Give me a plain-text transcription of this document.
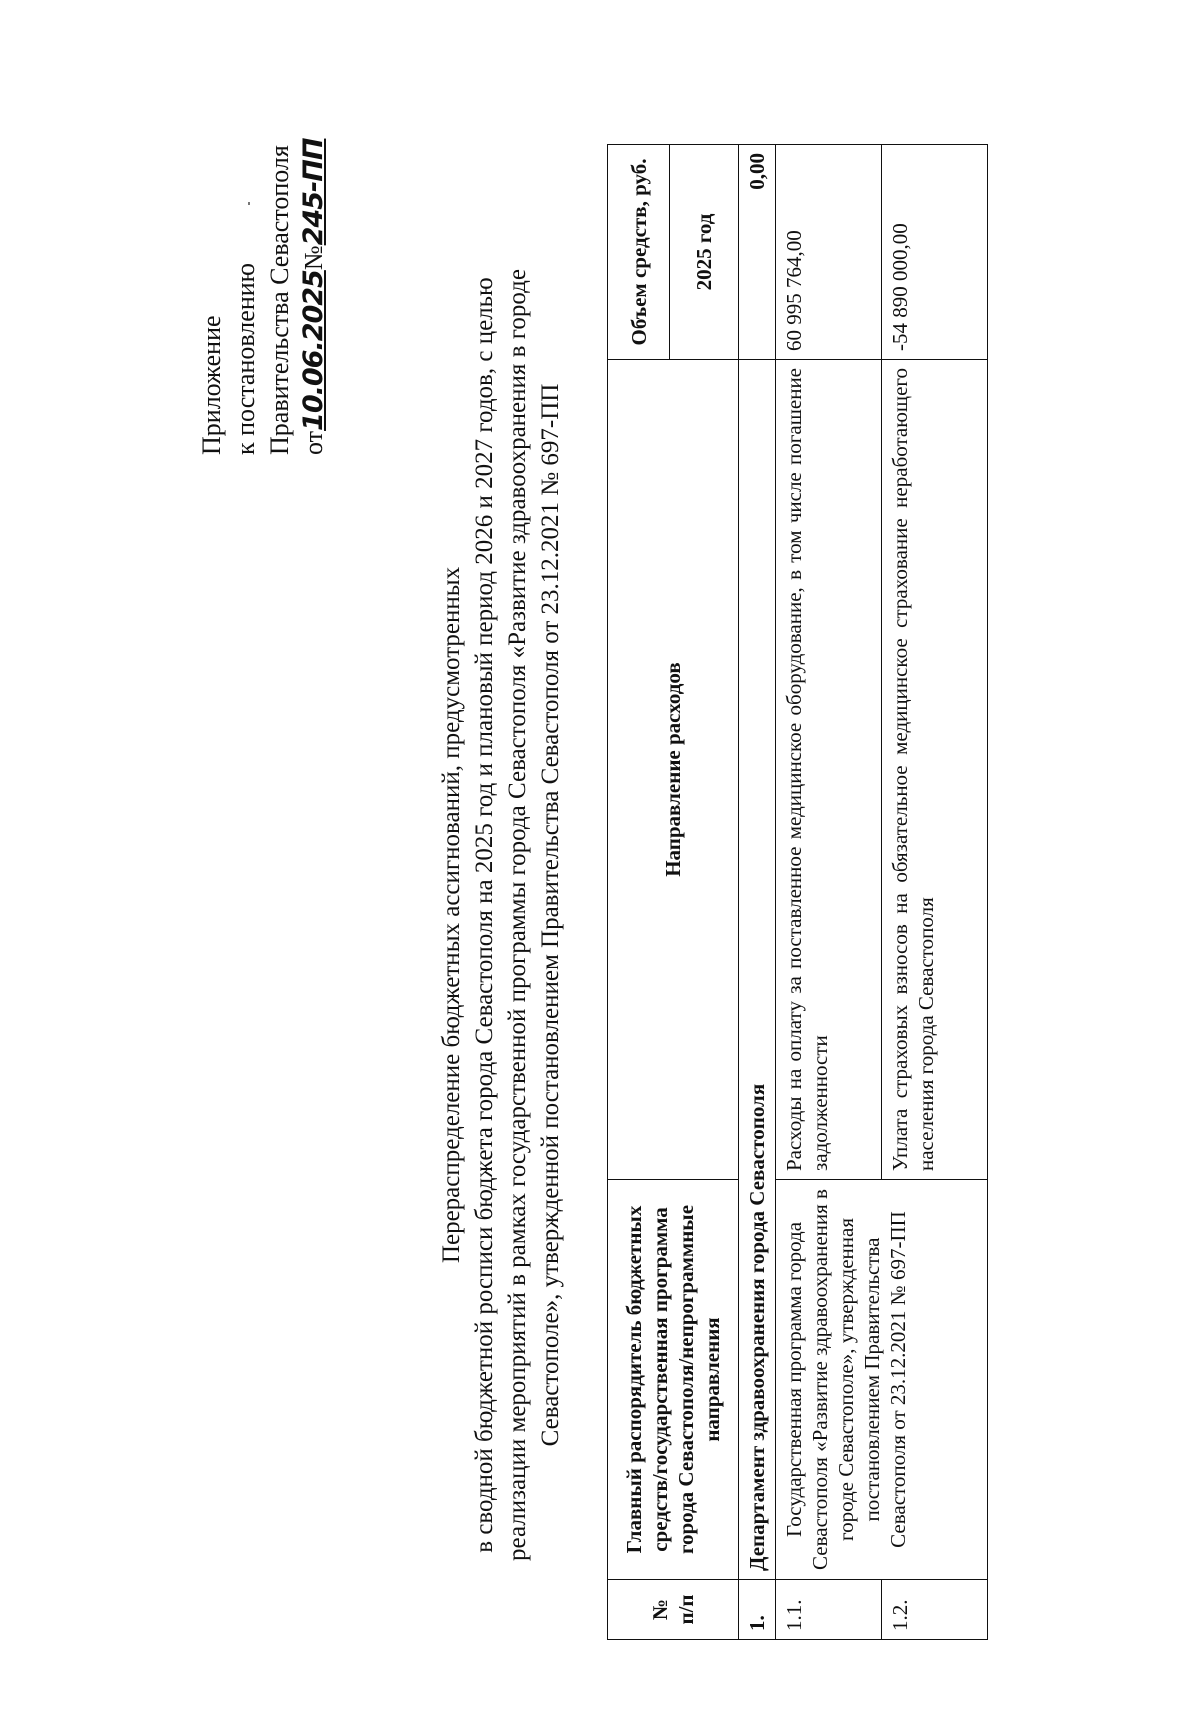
Приложение к постановлению Правительства Севастополя от10.06.2025№245-ПП
Перераспределение бюджетных ассигнований, предусмотренных в сводной бюджетной росписи бюджета города Севастополя на 2025 год и плановый период 2026 и 2027 годов, с целью реализации мероприятий в рамках государственной программы города Севастополя «Развитие здравоохранения в городе Севастополе», утвержденной постановлением Правительства Севастополя от 23.12.2021 № 697-ПП
№ п/п	Главный распорядитель бюджетных средств/государственная программа города Севастополя/непрограммные направления	Направление расходов	Объем средств, руб.
			2025 год
1.	Департамент здравоохранения города Севастополя		0,00
1.1.	Государственная программа города Севастополя «Развитие здравоохранения в городе Севастополе», утвержденная постановлением Правительства Севастополя от 23.12.2021 № 697-ПП	Расходы на оплату за поставленное медицинское оборудование, в том числе погашение задолженности	60 995 764,00
1.2.		Уплата страховых взносов на обязательное медицинское страхование неработающего населения города Севастополя	-54 890 000,00
